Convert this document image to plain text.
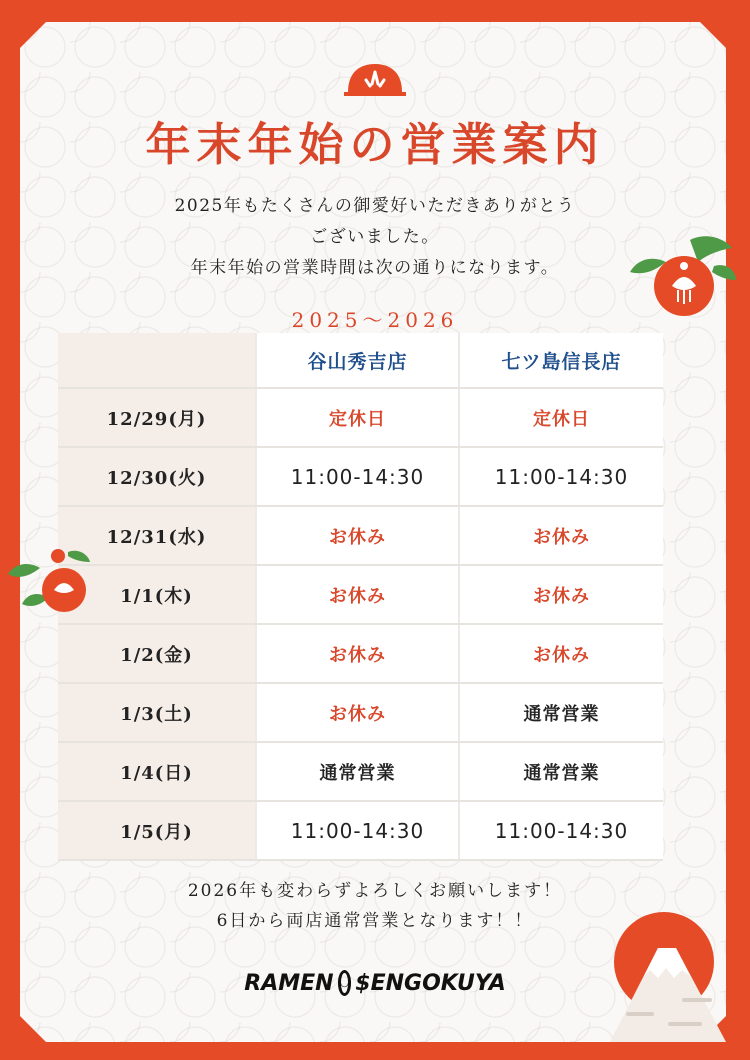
年末年始の営業案内
2025年もたくさんの御愛好いただきありがとう
ございました。
年末年始の営業時間は次の通りになります。
2025～2026
	谷山秀吉店	七ツ島信長店
12/29(月)	定休日	定休日
12/30(火)	11:00-14:30	11:00-14:30
12/31(水)	お休み	お休み
1/1(木)	お休み	お休み
1/2(金)	お休み	お休み
1/3(土)	お休み	通常営業
1/4(日)	通常営業	通常営業
1/5(月)	11:00-14:30	11:00-14:30
2026年も変わらずよろしくお願いします！
6日から両店通常営業となります！！
RAMEN ◡ $ENGOKUYA
